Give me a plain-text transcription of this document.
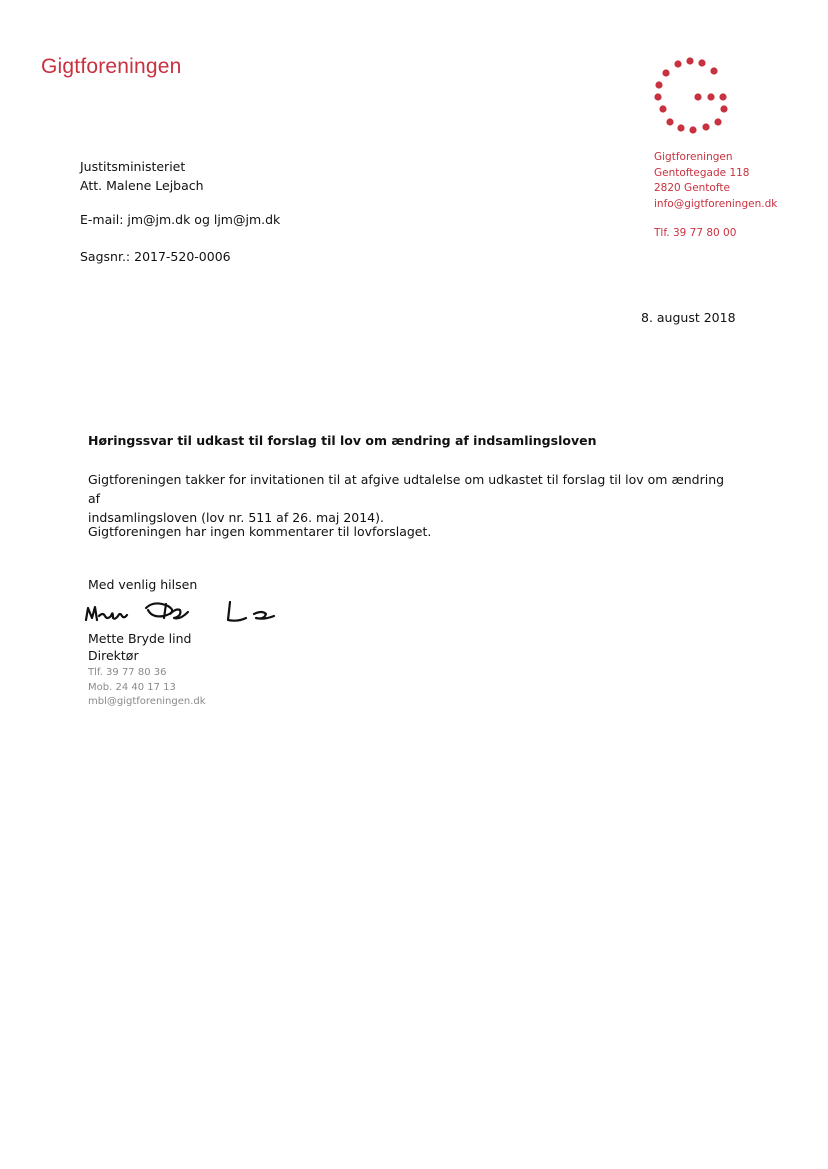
Gigtforeningen
Gigtforeningen
Gentoftegade 118
2820 Gentofte
info@gigtforeningen.dk
Tlf. 39 77 80 00
Justitsministeriet
Att. Malene Lejbach
E-mail: jm@jm.dk og ljm@jm.dk
Sagsnr.: 2017-520-0006
8. august 2018
Høringssvar til udkast til forslag til lov om ændring af indsamlingsloven
Gigtforeningen takker for invitationen til at afgive udtalelse om udkastet til forslag til lov om ændring af
indsamlingsloven (lov nr. 511 af 26. maj 2014).
Gigtforeningen har ingen kommentarer til lovforslaget.
Med venlig hilsen
Mette Bryde lind
Direktør
Tlf. 39 77 80 36
Mob. 24 40 17 13
mbl@gigtforeningen.dk
